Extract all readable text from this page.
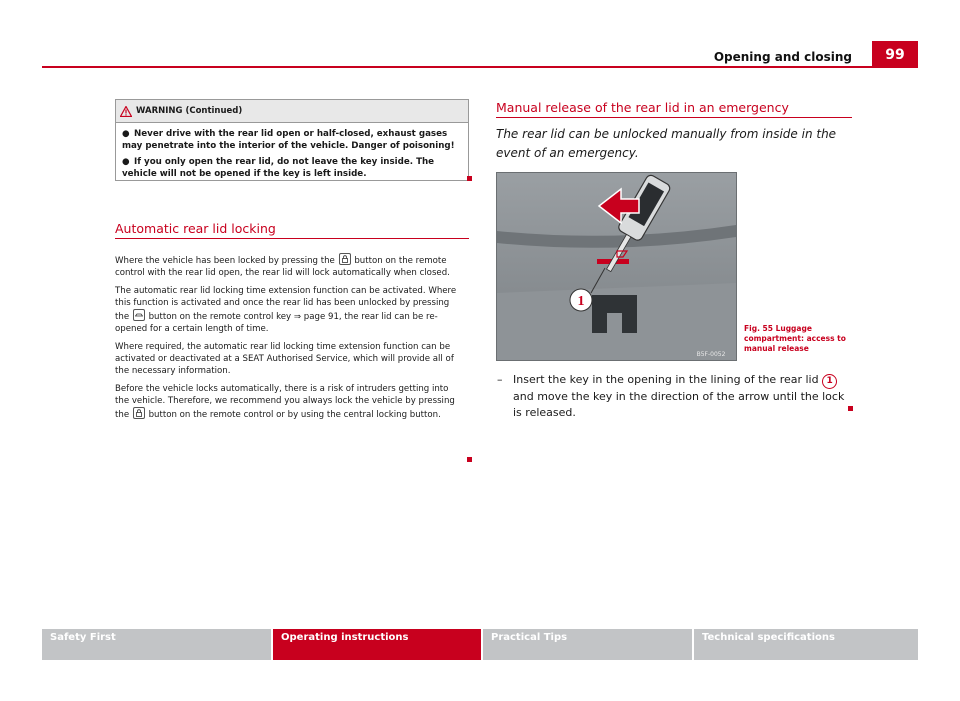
Opening and closing 99
WARNING (Continued)

● Never drive with the rear lid open or half-closed, exhaust gases may penetrate into the interior of the vehicle. Danger of poisoning!

● If you only open the rear lid, do not leave the key inside. The vehicle will not be opened if the key is left inside.

Automatic rear lid locking

Where the vehicle has been locked by pressing the button on the remote control with the rear lid open, the rear lid will lock automatically when closed.

The automatic rear lid locking time extension function can be activated. Where this function is activated and once the rear lid has been unlocked by pressing the button on the remote control key ⇒ page 91, the rear lid can be re-opened for a certain length of time.

Where required, the automatic rear lid locking time extension function can be activated or deactivated at a SEAT Authorised Service, which will provide all of the necessary information.

Before the vehicle locks automatically, there is a risk of intruders getting into the vehicle. Therefore, we recommend you always lock the vehicle by pressing the button on the remote control or by using the central locking button.

Manual release of the rear lid in an emergency
The rear lid can be unlocked manually from inside in the event of an emergency.
1
B5F-0052
Fig. 55 Luggage compartment: access to manual release
– Insert the key in the opening in the lining of the rear lid 1 and move the key in the direction of the arrow until the lock is released.
Safety First	Operating instructions	Practical Tips	Technical specifications
